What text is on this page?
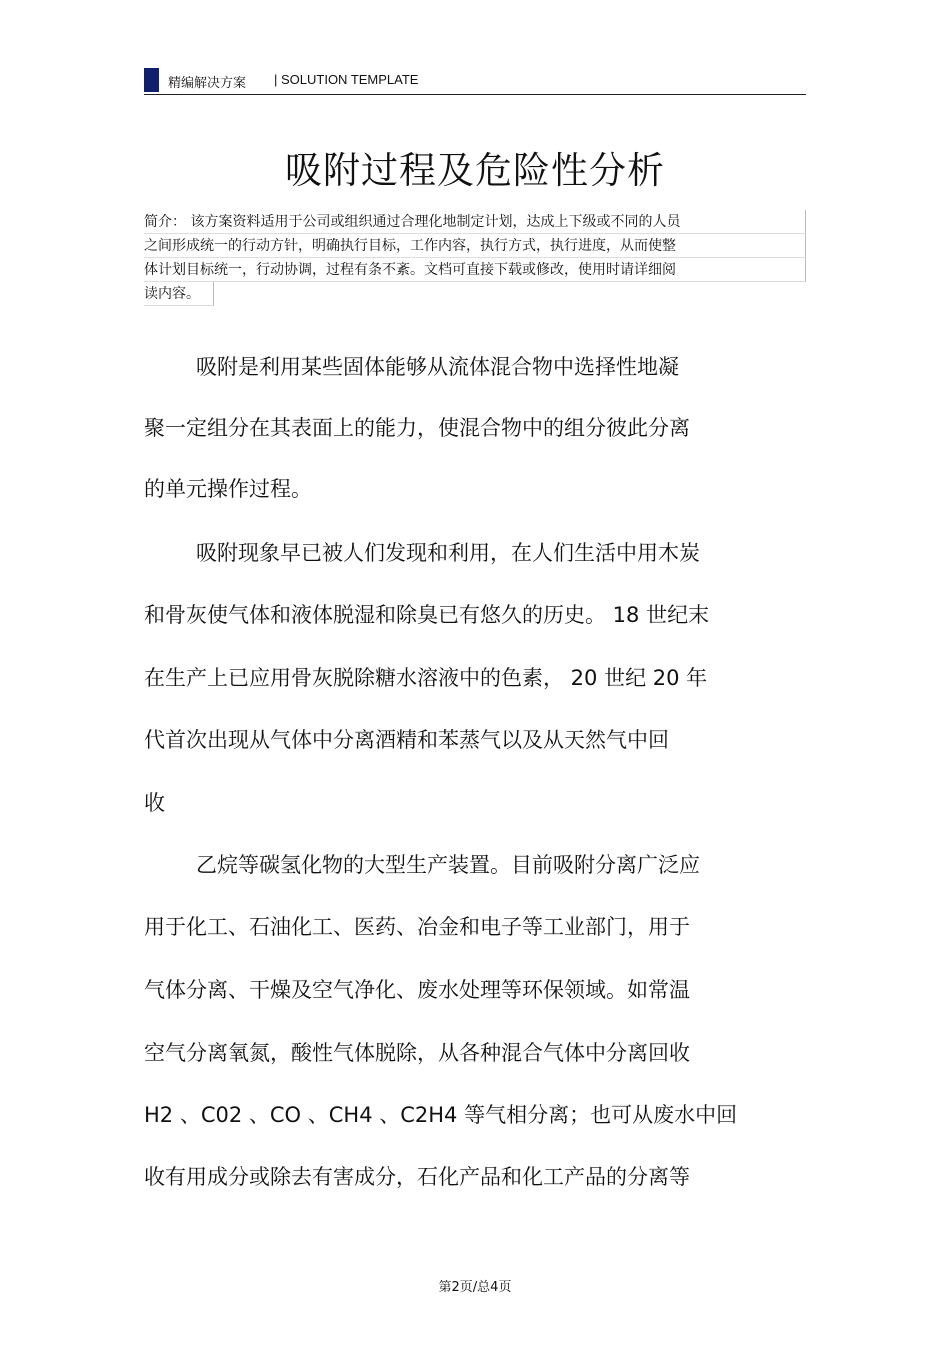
精编解决方案 | SOLUTION TEMPLATE
吸附过程及危险性分析
简介： 该方案资料适用于公司或组织通过合理化地制定计划，达成上下级或不同的人员
之间形成统一的行动方针，明确执行目标，工作内容，执行方式，执行进度，从而使整
体计划目标统一，行动协调，过程有条不紊。文档可直接下载或修改，使用时请详细阅
读内容。
吸附是利用某些固体能够从流体混合物中选择性地凝
聚一定组分在其表面上的能力，使混合物中的组分彼此分离
的单元操作过程。
吸附现象早已被人们发现和利用，在人们生活中用木炭
和骨灰使气体和液体脱湿和除臭已有悠久的历史。 18 世纪末
在生产上已应用骨灰脱除糖水溶液中的色素， 20 世纪 20 年
代首次出现从气体中分离酒精和苯蒸气以及从天然气中回
收
乙烷等碳氢化物的大型生产装置。目前吸附分离广泛应
用于化工、石油化工、医药、冶金和电子等工业部门，用于
气体分离、干燥及空气净化、废水处理等环保领域。如常温
空气分离氧氮，酸性气体脱除，从各种混合气体中分离回收
H2 、C02 、CO 、CH4 、C2H4 等气相分离；也可从废水中回
收有用成分或除去有害成分，石化产品和化工产品的分离等
第2页/总4页
